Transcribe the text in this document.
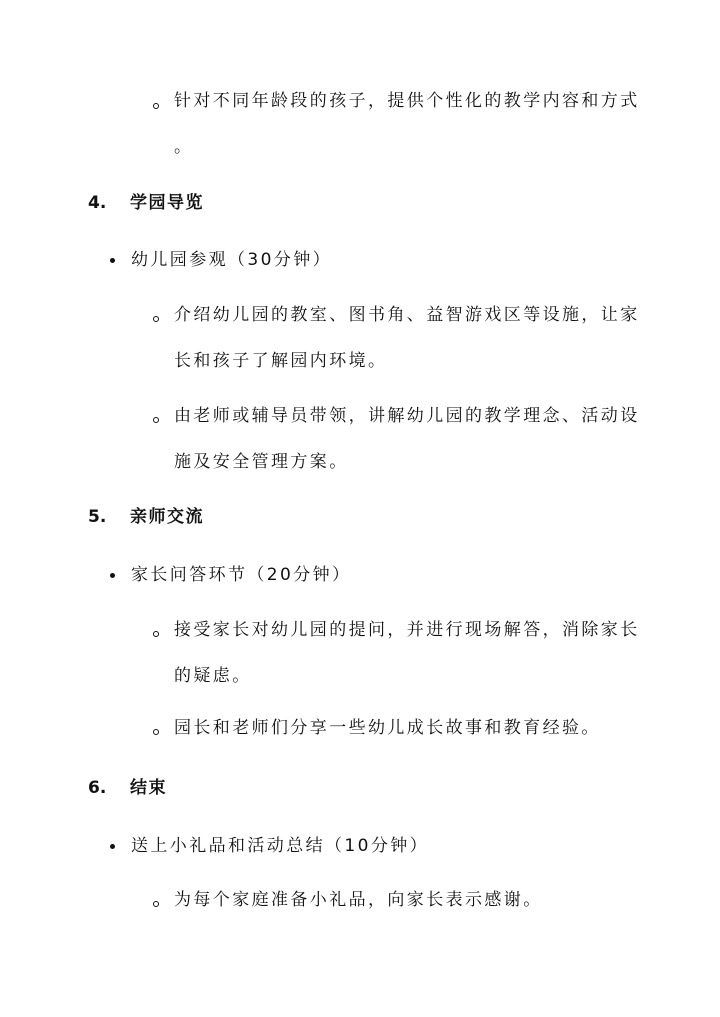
针对不同年龄段的孩子，提供个性化的教学内容和方式
。
4. 学园导览
幼儿园参观（30分钟）
介绍幼儿园的教室、图书角、益智游戏区等设施，让家
长和孩子了解园内环境。
由老师或辅导员带领，讲解幼儿园的教学理念、活动设
施及安全管理方案。
5. 亲师交流
家长问答环节（20分钟）
接受家长对幼儿园的提问，并进行现场解答，消除家长
的疑虑。
园长和老师们分享一些幼儿成长故事和教育经验。
6. 结束
送上小礼品和活动总结（10分钟）
为每个家庭准备小礼品，向家长表示感谢。
